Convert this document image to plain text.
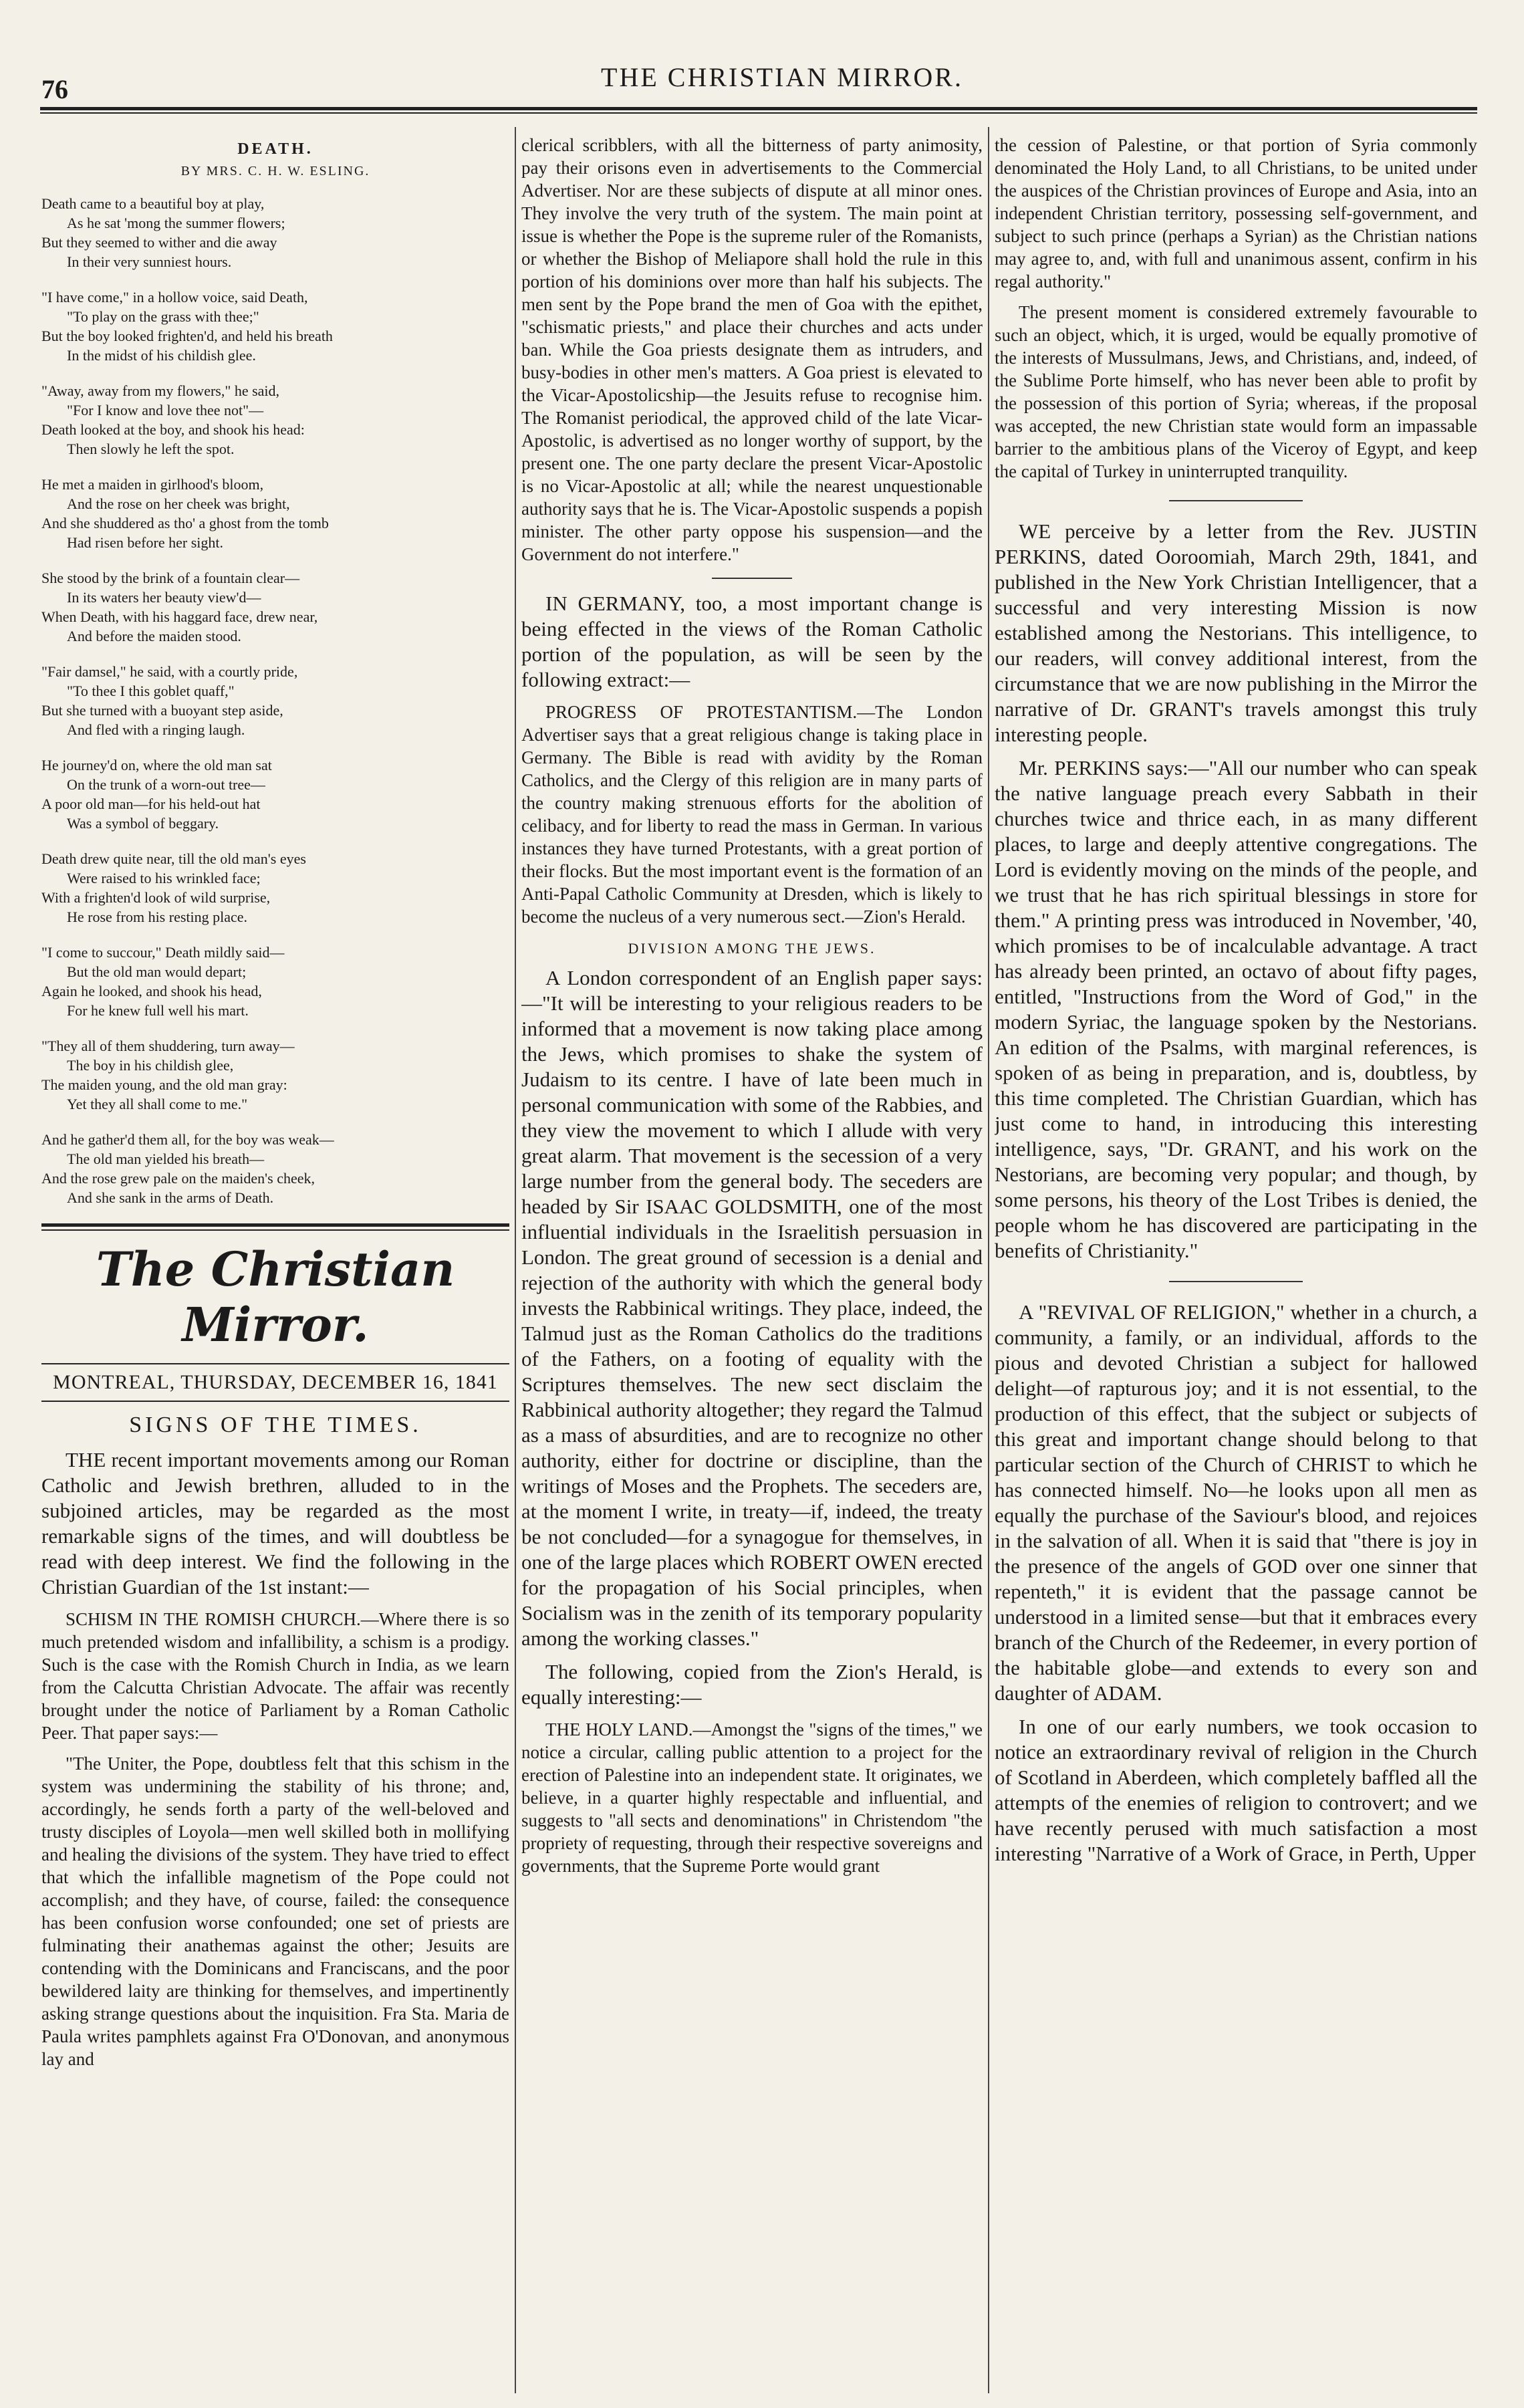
76	THE CHRISTIAN MIRROR.
DEATH.
BY MRS. C. H. W. ESLING.
Death came to a beautiful boy at play,
As he sat 'mong the summer flowers;
But they seemed to wither and die away
In their very sunniest hours.
"I have come," in a hollow voice, said Death,
"To play on the grass with thee;"
But the boy looked frighten'd, and held his breath
In the midst of his childish glee.
"Away, away from my flowers," he said,
"For I know and love thee not"—
Death looked at the boy, and shook his head:
Then slowly he left the spot.
He met a maiden in girlhood's bloom,
And the rose on her cheek was bright,
And she shuddered as tho' a ghost from the tomb
Had risen before her sight.
She stood by the brink of a fountain clear—
In its waters her beauty view'd—
When Death, with his haggard face, drew near,
And before the maiden stood.
"Fair damsel," he said, with a courtly pride,
"To thee I this goblet quaff,"
But she turned with a buoyant step aside,
And fled with a ringing laugh.
He journey'd on, where the old man sat
On the trunk of a worn-out tree—
A poor old man—for his held-out hat
Was a symbol of beggary.
Death drew quite near, till the old man's eyes
Were raised to his wrinkled face;
With a frighten'd look of wild surprise,
He rose from his resting place.
"I come to succour," Death mildly said—
But the old man would depart;
Again he looked, and shook his head,
For he knew full well his mart.
"They all of them shuddering, turn away—
The boy in his childish glee,
The maiden young, and the old man gray:
Yet they all shall come to me."
And he gather'd them all, for the boy was weak—
The old man yielded his breath—
And the rose grew pale on the maiden's cheek,
And she sank in the arms of Death.
The Christian Mirror.
MONTREAL, THURSDAY, DECEMBER 16, 1841
SIGNS OF THE TIMES.

THE recent important movements among our Roman Catholic and Jewish brethren, alluded to in the subjoined articles, may be regarded as the most remarkable signs of the times, and will doubtless be read with deep interest. We find the following in the Christian Guardian of the 1st instant:—

SCHISM IN THE ROMISH CHURCH.—Where there is so much pretended wisdom and infallibility, a schism is a prodigy. Such is the case with the Romish Church in India, as we learn from the Calcutta Christian Advocate. The affair was recently brought under the notice of Parliament by a Roman Catholic Peer. That paper says:—

"The Uniter, the Pope, doubtless felt that this schism in the system was undermining the stability of his throne; and, accordingly, he sends forth a party of the well-beloved and trusty disciples of Loyola—men well skilled both in mollifying and healing the divisions of the system. They have tried to effect that which the infallible magnetism of the Pope could not accomplish; and they have, of course, failed: the consequence has been confusion worse confounded; one set of priests are fulminating their anathemas against the other; Jesuits are contending with the Dominicans and Franciscans, and the poor bewildered laity are thinking for themselves, and impertinently asking strange questions about the inquisition. Fra Sta. Maria de Paula writes pamphlets against Fra O'Donovan, and anonymous lay and

clerical scribblers, with all the bitterness of party animosity, pay their orisons even in advertisements to the Commercial Advertiser. Nor are these subjects of dispute at all minor ones. They involve the very truth of the system. The main point at issue is whether the Pope is the supreme ruler of the Romanists, or whether the Bishop of Meliapore shall hold the rule in this portion of his dominions over more than half his subjects. The men sent by the Pope brand the men of Goa with the epithet, "schismatic priests," and place their churches and acts under ban. While the Goa priests designate them as intruders, and busy-bodies in other men's matters. A Goa priest is elevated to the Vicar-Apostolicship—the Jesuits refuse to recognise him. The Romanist periodical, the approved child of the late Vicar-Apostolic, is advertised as no longer worthy of support, by the present one. The one party declare the present Vicar-Apostolic is no Vicar-Apostolic at all; while the nearest unquestionable authority says that he is. The Vicar-Apostolic suspends a popish minister. The other party oppose his suspension—and the Government do not interfere."

IN GERMANY, too, a most important change is being effected in the views of the Roman Catholic portion of the population, as will be seen by the following extract:—

PROGRESS OF PROTESTANTISM.—The London Advertiser says that a great religious change is taking place in Germany. The Bible is read with avidity by the Roman Catholics, and the Clergy of this religion are in many parts of the country making strenuous efforts for the abolition of celibacy, and for liberty to read the mass in German. In various instances they have turned Protestants, with a great portion of their flocks. But the most important event is the formation of an Anti-Papal Catholic Community at Dresden, which is likely to become the nucleus of a very numerous sect.—Zion's Herald.

DIVISION AMONG THE JEWS.

A London correspondent of an English paper says:—"It will be interesting to your religious readers to be informed that a movement is now taking place among the Jews, which promises to shake the system of Judaism to its centre. I have of late been much in personal communication with some of the Rabbies, and they view the movement to which I allude with very great alarm. That movement is the secession of a very large number from the general body. The seceders are headed by Sir ISAAC GOLDSMITH, one of the most influential individuals in the Israelitish persuasion in London. The great ground of secession is a denial and rejection of the authority with which the general body invests the Rabbinical writings. They place, indeed, the Talmud just as the Roman Catholics do the traditions of the Fathers, on a footing of equality with the Scriptures themselves. The new sect disclaim the Rabbinical authority altogether; they regard the Talmud as a mass of absurdities, and are to recognize no other authority, either for doctrine or discipline, than the writings of Moses and the Prophets. The seceders are, at the moment I write, in treaty—if, indeed, the treaty be not concluded—for a synagogue for themselves, in one of the large places which ROBERT OWEN erected for the propagation of his Social principles, when Socialism was in the zenith of its temporary popularity among the working classes."

The following, copied from the Zion's Herald, is equally interesting:—

THE HOLY LAND.—Amongst the "signs of the times," we notice a circular, calling public attention to a project for the erection of Palestine into an independent state. It originates, we believe, in a quarter highly respectable and influential, and suggests to "all sects and denominations" in Christendom "the propriety of requesting, through their respective sovereigns and governments, that the Supreme Porte would grant

the cession of Palestine, or that portion of Syria commonly denominated the Holy Land, to all Christians, to be united under the auspices of the Christian provinces of Europe and Asia, into an independent Christian territory, possessing self-government, and subject to such prince (perhaps a Syrian) as the Christian nations may agree to, and, with full and unanimous assent, confirm in his regal authority."

The present moment is considered extremely favourable to such an object, which, it is urged, would be equally promotive of the interests of Mussulmans, Jews, and Christians, and, indeed, of the Sublime Porte himself, who has never been able to profit by the possession of this portion of Syria; whereas, if the proposal was accepted, the new Christian state would form an impassable barrier to the ambitious plans of the Viceroy of Egypt, and keep the capital of Turkey in uninterrupted tranquility.

WE perceive by a letter from the Rev. JUSTIN PERKINS, dated Ooroomiah, March 29th, 1841, and published in the New York Christian Intelligencer, that a successful and very interesting Mission is now established among the Nestorians. This intelligence, to our readers, will convey additional interest, from the circumstance that we are now publishing in the Mirror the narrative of Dr. GRANT's travels amongst this truly interesting people.

Mr. PERKINS says:—"All our number who can speak the native language preach every Sabbath in their churches twice and thrice each, in as many different places, to large and deeply attentive congregations. The Lord is evidently moving on the minds of the people, and we trust that he has rich spiritual blessings in store for them." A printing press was introduced in November, '40, which promises to be of incalculable advantage. A tract has already been printed, an octavo of about fifty pages, entitled, "Instructions from the Word of God," in the modern Syriac, the language spoken by the Nestorians. An edition of the Psalms, with marginal references, is spoken of as being in preparation, and is, doubtless, by this time completed. The Christian Guardian, which has just come to hand, in introducing this interesting intelligence, says, "Dr. GRANT, and his work on the Nestorians, are becoming very popular; and though, by some persons, his theory of the Lost Tribes is denied, the people whom he has discovered are participating in the benefits of Christianity."

A "REVIVAL OF RELIGION," whether in a church, a community, a family, or an individual, affords to the pious and devoted Christian a subject for hallowed delight—of rapturous joy; and it is not essential, to the production of this effect, that the subject or subjects of this great and important change should belong to that particular section of the Church of CHRIST to which he has connected himself. No—he looks upon all men as equally the purchase of the Saviour's blood, and rejoices in the salvation of all. When it is said that "there is joy in the presence of the angels of GOD over one sinner that repenteth," it is evident that the passage cannot be understood in a limited sense—but that it embraces every branch of the Church of the Redeemer, in every portion of the habitable globe—and extends to every son and daughter of ADAM.

In one of our early numbers, we took occasion to notice an extraordinary revival of religion in the Church of Scotland in Aberdeen, which completely baffled all the attempts of the enemies of religion to controvert; and we have recently perused with much satisfaction a most interesting "Narrative of a Work of Grace, in Perth, Upper
